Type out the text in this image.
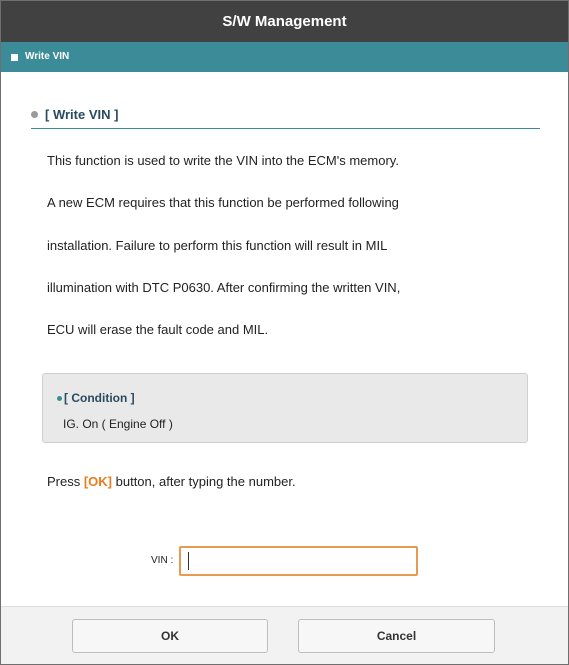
S/W Management
Write VIN
[ Write VIN ]
This function is used to write the VIN into the ECM's memory.
A new ECM requires that this function be performed following
installation. Failure to perform this function will result in MIL
illumination with DTC P0630. After confirming the written VIN,
ECU will erase the fault code and MIL.
[ Condition ]
IG. On ( Engine Off )
Press [OK] button, after typing the number.
VIN :
OK	Cancel
